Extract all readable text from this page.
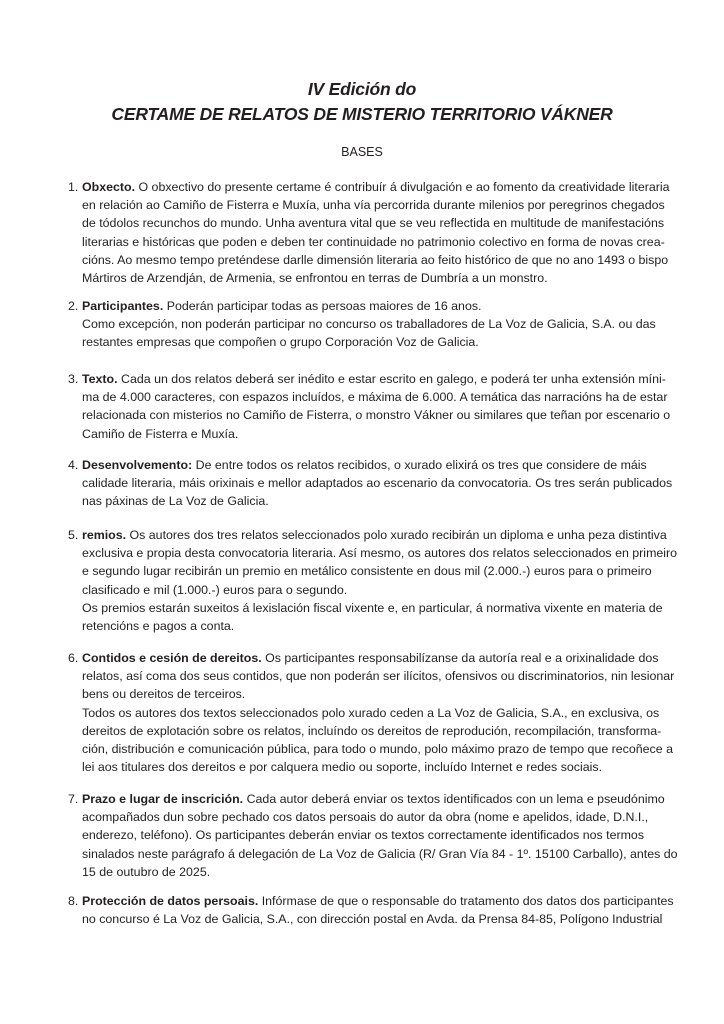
IV Edición do
CERTAME DE RELATOS DE MISTERIO TERRITORIO VÁKNER
BASES
1. Obxecto. O obxectivo do presente certame é contribuír á divulgación e ao fomento da creatividade literaria
en relación ao Camiño de Fisterra e Muxía, unha vía percorrida durante milenios por peregrinos chegados
de tódolos recunchos do mundo. Unha aventura vital que se veu reflectida en multitude de manifestacións
literarias e históricas que poden e deben ter continuidade no patrimonio colectivo en forma de novas crea-
cións. Ao mesmo tempo preténdese darlle dimensión literaria ao feito histórico de que no ano 1493 o bispo
Mártiros de Arzendján, de Armenia, se enfrontou en terras de Dumbría a un monstro.
2. Participantes. Poderán participar todas as persoas maiores de 16 anos.
Como excepción, non poderán participar no concurso os traballadores de La Voz de Galicia, S.A. ou das
restantes empresas que compoñen o grupo Corporación Voz de Galicia.
3. Texto. Cada un dos relatos deberá ser inédito e estar escrito en galego, e poderá ter unha extensión míni-
ma de 4.000 caracteres, con espazos incluídos, e máxima de 6.000. A temática das narracións ha de estar
relacionada con misterios no Camiño de Fisterra, o monstro Vákner ou similares que teñan por escenario o
Camiño de Fisterra e Muxía.
4. Desenvolvemento: De entre todos os relatos recibidos, o xurado elixirá os tres que considere de máis
calidade literaria, máis orixinais e mellor adaptados ao escenario da convocatoria. Os tres serán publicados
nas páxinas de La Voz de Galicia.
5. remios. Os autores dos tres relatos seleccionados polo xurado recibirán un diploma e unha peza distintiva
exclusiva e propia desta convocatoria literaria. Así mesmo, os autores dos relatos seleccionados en primeiro
e segundo lugar recibirán un premio en metálico consistente en dous mil (2.000.-) euros para o primeiro
clasificado e mil (1.000.-) euros para o segundo.
Os premios estarán suxeitos á lexislación fiscal vixente e, en particular, á normativa vixente en materia de
retencións e pagos a conta.
6. Contidos e cesión de dereitos. Os participantes responsabilízanse da autoría real e a orixinalidade dos
relatos, así coma dos seus contidos, que non poderán ser ilícitos, ofensivos ou discriminatorios, nin lesionar
bens ou dereitos de terceiros.
Todos os autores dos textos seleccionados polo xurado ceden a La Voz de Galicia, S.A., en exclusiva, os
dereitos de explotación sobre os relatos, incluíndo os dereitos de reprodución, recompilación, transforma-
ción, distribución e comunicación pública, para todo o mundo, polo máximo prazo de tempo que recoñece a
lei aos titulares dos dereitos e por calquera medio ou soporte, incluído Internet e redes sociais.
7. Prazo e lugar de inscrición. Cada autor deberá enviar os textos identificados con un lema e pseudónimo
acompañados dun sobre pechado cos datos persoais do autor da obra (nome e apelidos, idade, D.N.I.,
enderezo, teléfono). Os participantes deberán enviar os textos correctamente identificados nos termos
sinalados neste parágrafo á delegación de La Voz de Galicia (R/ Gran Vía 84 - 1º. 15100 Carballo), antes do
15 de outubro de 2025.
8. Protección de datos persoais. Infórmase de que o responsable do tratamento dos datos dos participantes
no concurso é La Voz de Galicia, S.A., con dirección postal en Avda. da Prensa 84-85, Polígono Industrial
